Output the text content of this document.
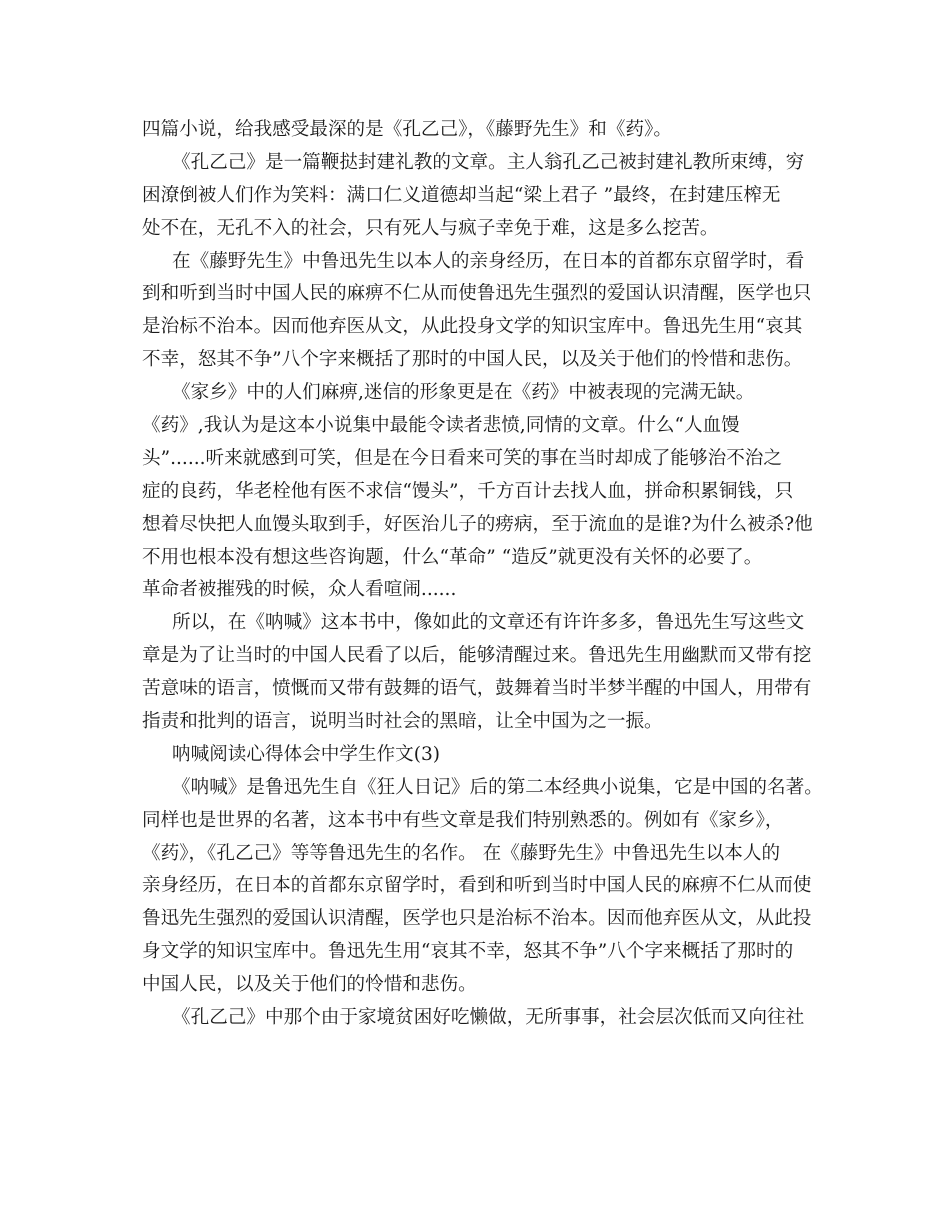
四篇小说，给我感受最深的是《孔乙己》，《藤野先生》和《药》。
《孔乙己》是一篇鞭挞封建礼教的文章。主人翁孔乙己被封建礼教所束缚，穷
困潦倒被人们作为笑料：满口仁义道德却当起“梁上君子 ”最终，在封建压榨无
处不在，无孔不入的社会，只有死人与疯子幸免于难，这是多么挖苦。
在《藤野先生》中鲁迅先生以本人的亲身经历，在日本的首都东京留学时，看
到和听到当时中国人民的麻痹不仁从而使鲁迅先生强烈的爱国认识清醒，医学也只
是治标不治本。因而他弃医从文，从此投身文学的知识宝库中。鲁迅先生用“哀其
不幸，怒其不争”八个字来概括了那时的中国人民，以及关于他们的怜惜和悲伤。
《家乡》中的人们麻痹,迷信的形象更是在《药》中被表现的完满无缺。
《药》,我认为是这本小说集中最能令读者悲愤,同情的文章。什么“人血馒
头”......听来就感到可笑，但是在今日看来可笑的事在当时却成了能够治不治之
症的良药，华老栓他有医不求信“馒头”，千方百计去找人血，拼命积累铜钱，只
想着尽快把人血馒头取到手，好医治儿子的痨病，至于流血的是谁?为什么被杀?他
不用也根本没有想这些咨询题，什么“革命” “造反”就更没有关怀的必要了。
革命者被摧残的时候，众人看喧闹......
所以，在《呐喊》这本书中，像如此的文章还有许许多多，鲁迅先生写这些文
章是为了让当时的中国人民看了以后，能够清醒过来。鲁迅先生用幽默而又带有挖
苦意味的语言，愤慨而又带有鼓舞的语气，鼓舞着当时半梦半醒的中国人，用带有
指责和批判的语言，说明当时社会的黑暗，让全中国为之一振。
呐喊阅读心得体会中学生作文(3)
《呐喊》是鲁迅先生自《狂人日记》后的第二本经典小说集，它是中国的名著。
同样也是世界的名著，这本书中有些文章是我们特别熟悉的。例如有《家乡》，
《药》，《孔乙己》等等鲁迅先生的名作。 在《藤野先生》中鲁迅先生以本人的
亲身经历，在日本的首都东京留学时，看到和听到当时中国人民的麻痹不仁从而使
鲁迅先生强烈的爱国认识清醒，医学也只是治标不治本。因而他弃医从文，从此投
身文学的知识宝库中。鲁迅先生用“哀其不幸，怒其不争”八个字来概括了那时的
中国人民，以及关于他们的怜惜和悲伤。
《孔乙己》中那个由于家境贫困好吃懒做，无所事事，社会层次低而又向往社
